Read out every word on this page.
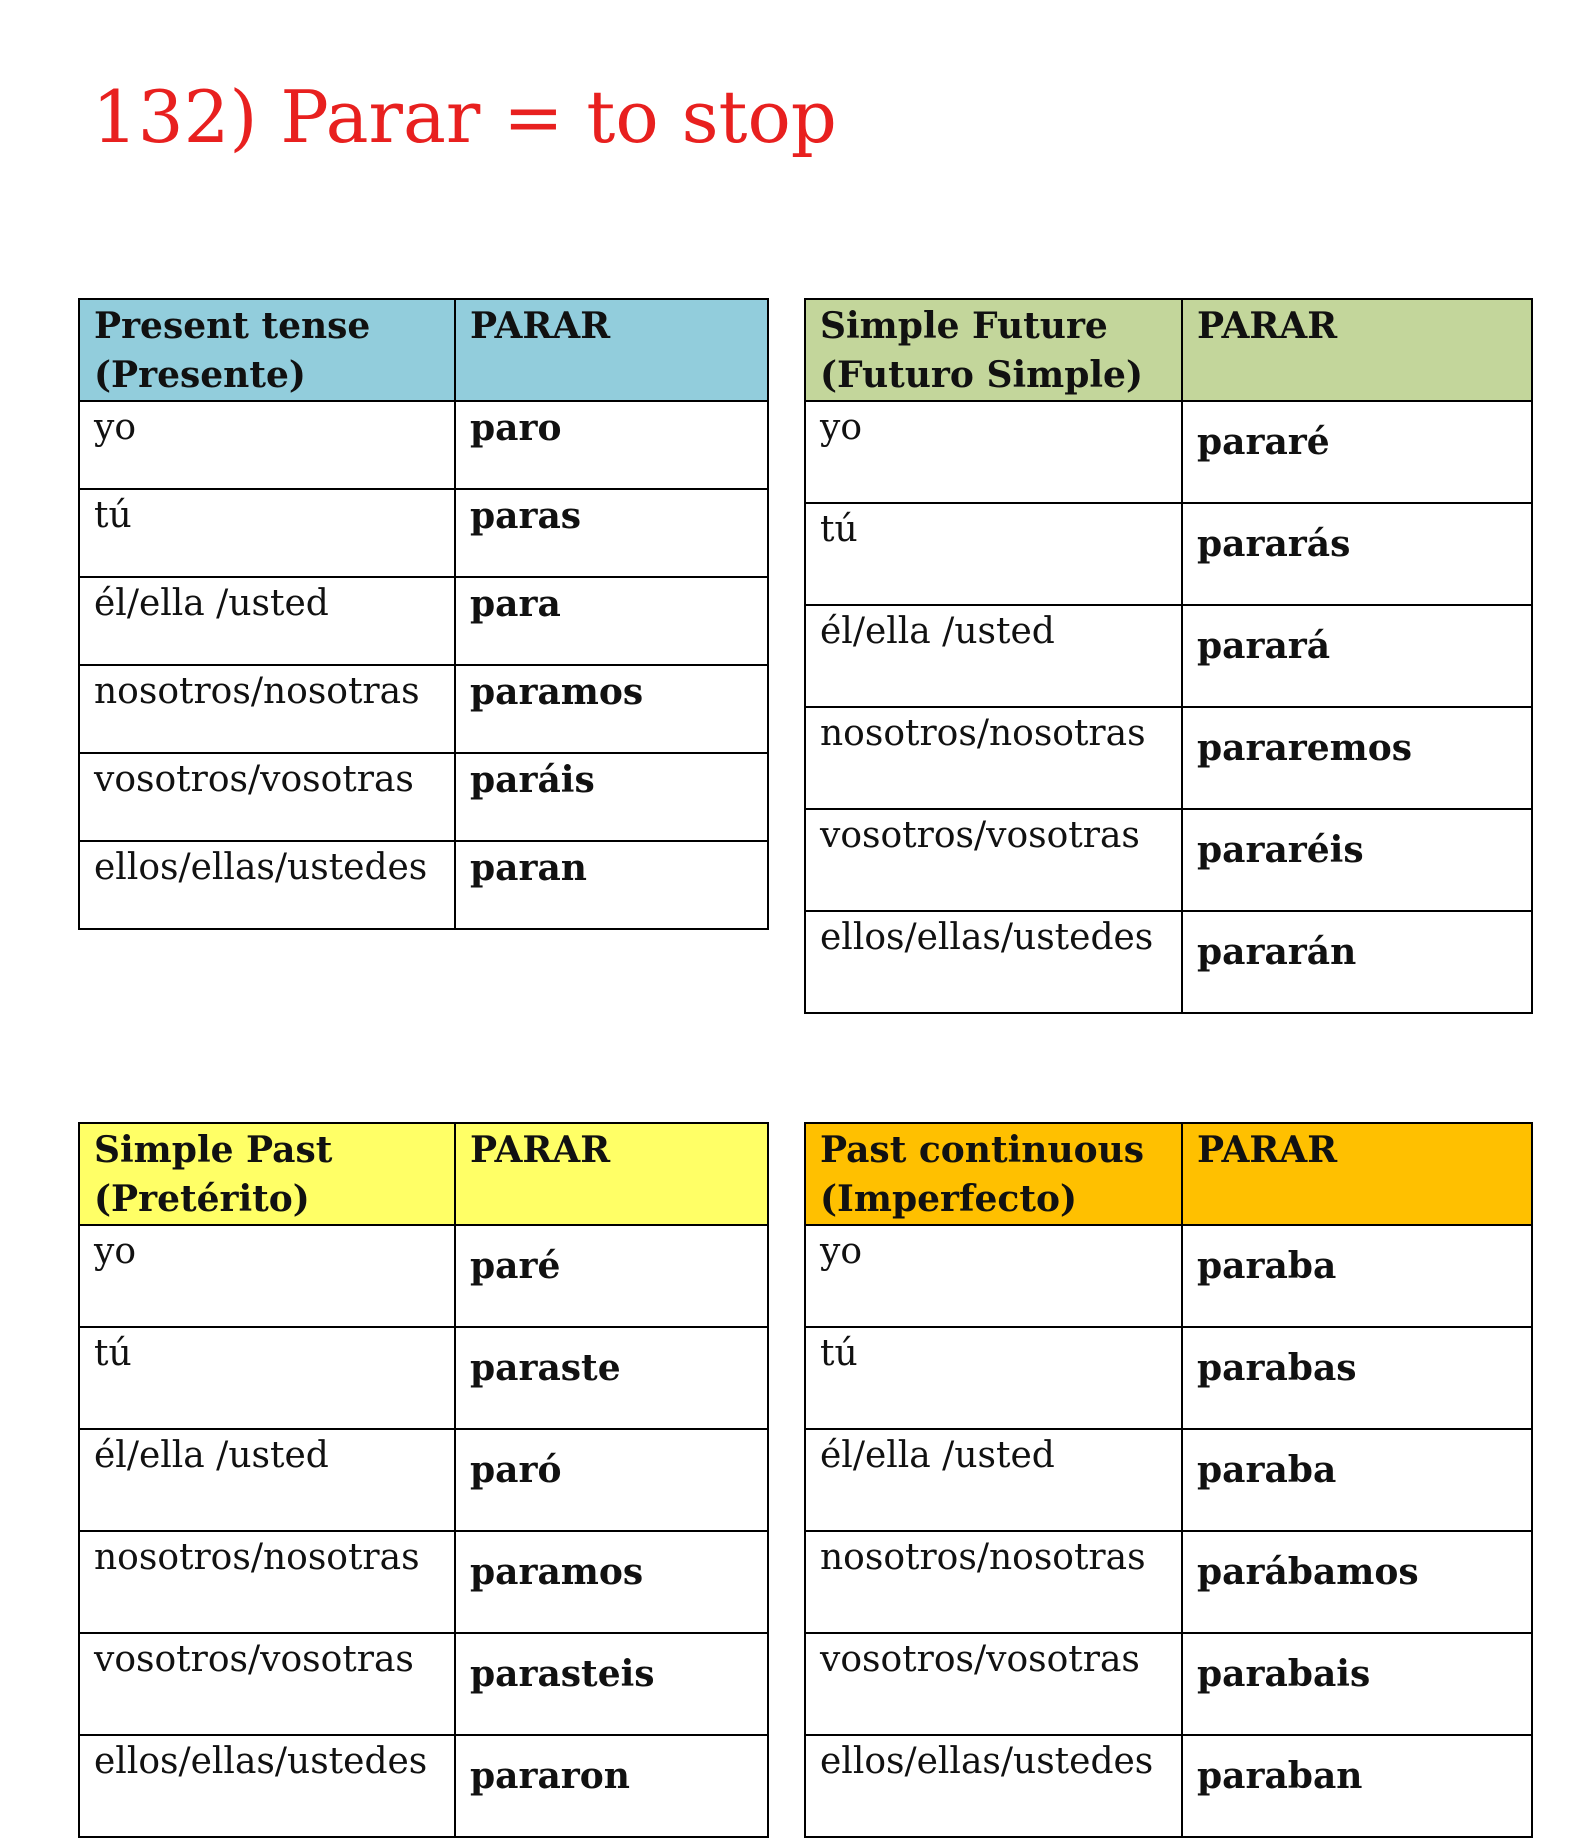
132) Parar = to stop
Present tense (Presente)	PARAR
yo	paro
tú	paras
él/ella /usted	para
nosotros/nosotras	paramos
vosotros/vosotras	paráis
ellos/ellas/ustedes	paran
Simple Future (Futuro Simple)	PARAR
yo	pararé
tú	pararás
él/ella /usted	parará
nosotros/nosotras	pararemos
vosotros/vosotras	pararéis
ellos/ellas/ustedes	pararán
Simple Past (Pretérito)	PARAR
yo	paré
tú	paraste
él/ella /usted	paró
nosotros/nosotras	paramos
vosotros/vosotras	parasteis
ellos/ellas/ustedes	pararon
Past continuous (Imperfecto)	PARAR
yo	paraba
tú	parabas
él/ella /usted	paraba
nosotros/nosotras	parábamos
vosotros/vosotras	parabais
ellos/ellas/ustedes	paraban
